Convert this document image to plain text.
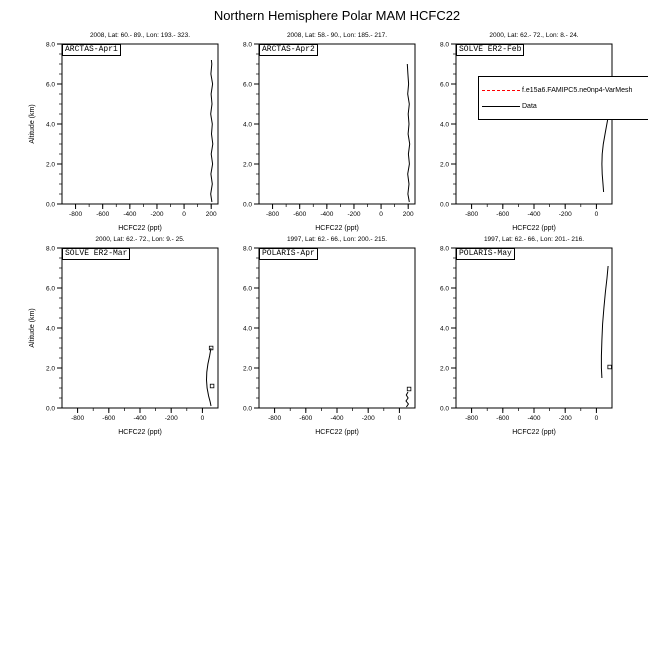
Northern Hemisphere Polar MAM HCFC22
2008, Lat: 60.- 89., Lon: 193.- 323.
-800 -600 -400 -200	0	200
0.0
2.0
4.0
6.0
8.0
HCFC22 (ppt)
Altitude (km)
ARCTAS-Apr1
2008, Lat: 58.- 90., Lon: 185.- 217.
-800 -600 -400 -200	0	200
0.0
2.0
4.0
6.0
8.0
HCFC22 (ppt)
ARCTAS-Apr2
2000, Lat: 62.- 72., Lon: 8.- 24.
-800	-600	-400	-200	0
0.0
2.0
4.0
6.0
8.0
HCFC22 (ppt)
SOLVE ER2-Feb
2000, Lat: 62.- 72., Lon: 9.- 25.
-800	-600	-400	-200	0
0.0
2.0
4.0
6.0
8.0
HCFC22 (ppt)
Altitude (km)
SOLVE ER2-Mar
1997, Lat: 62.- 66., Lon: 200.- 215.
-800	-600	-400	-200	0
0.0
2.0
4.0
6.0
8.0
HCFC22 (ppt)
POLARIS-Apr
1997, Lat: 62.- 66., Lon: 201.- 216.
-800	-600	-400	-200	0
0.0
2.0
4.0
6.0
8.0
HCFC22 (ppt)
POLARIS-May
f.e15a6.FAMIPC5.ne0np4-VarMesh
Data
